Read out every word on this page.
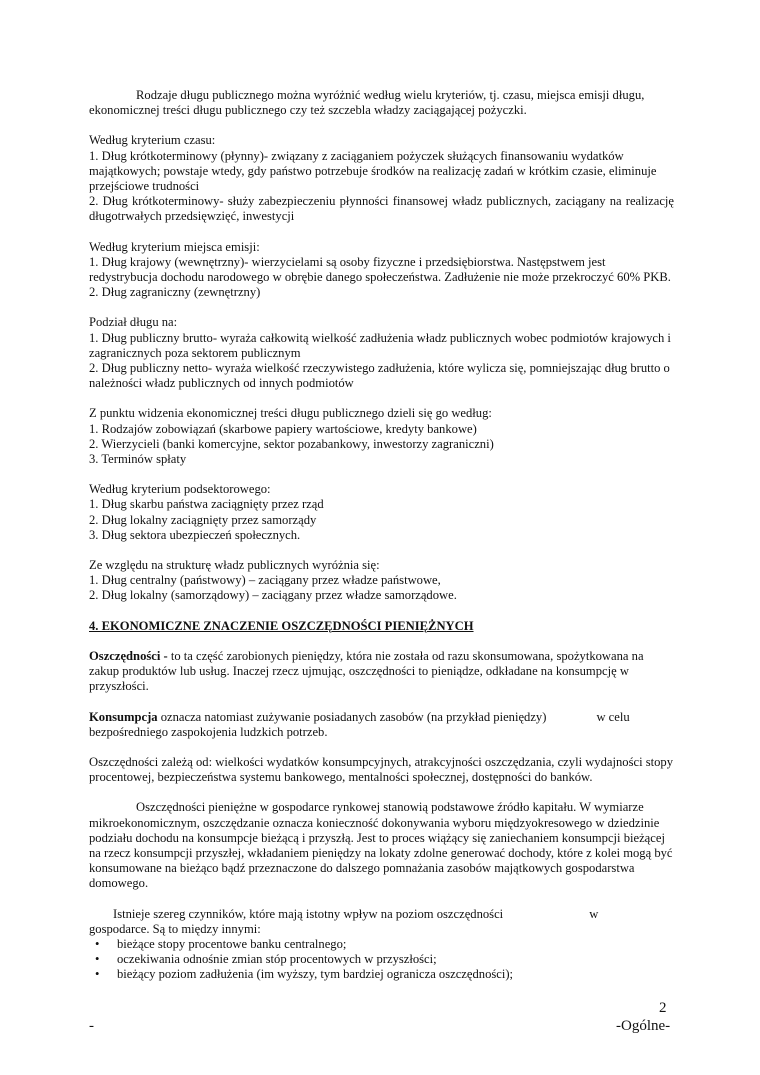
Rodzaje długu publicznego można wyróżnić według wielu kryteriów, tj. czasu, miejsca emisji długu, ekonomicznej treści długu publicznego czy też szczebla władzy zaciągającej pożyczki.

Według kryterium czasu:

1. Dług krótkoterminowy (płynny)- związany z zaciąganiem pożyczek służących finansowaniu wydatków majątkowych; powstaje wtedy, gdy państwo potrzebuje środków na realizację zadań w krótkim czasie, eliminuje przejściowe trudności

2. Dług krótkoterminowy- służy zabezpieczeniu płynności finansowej władz publicznych, zaciągany na realizację długotrwałych przedsięwzięć, inwestycji

Według kryterium miejsca emisji:

1. Dług krajowy (wewnętrzny)- wierzycielami są osoby fizyczne i przedsiębiorstwa. Następstwem jest redystrybucja dochodu narodowego w obrębie danego społeczeństwa. Zadłużenie nie może przekroczyć 60% PKB.

2. Dług zagraniczny (zewnętrzny)

Podział długu na:

1. Dług publiczny brutto- wyraża całkowitą wielkość zadłużenia władz publicznych wobec podmiotów krajowych i zagranicznych poza sektorem publicznym

2. Dług publiczny netto- wyraża wielkość rzeczywistego zadłużenia, które wylicza się, pomniejszając dług brutto o należności władz publicznych od innych podmiotów

Z punktu widzenia ekonomicznej treści długu publicznego dzieli się go według:

1. Rodzajów zobowiązań (skarbowe papiery wartościowe, kredyty bankowe)

2. Wierzycieli (banki komercyjne, sektor pozabankowy, inwestorzy zagraniczni)

3. Terminów spłaty

Według kryterium podsektorowego:

1. Dług skarbu państwa zaciągnięty przez rząd

2. Dług lokalny zaciągnięty przez samorządy

3. Dług sektora ubezpieczeń społecznych.

Ze względu na strukturę władz publicznych wyróżnia się:

1. Dług centralny (państwowy) – zaciągany przez władze państwowe,

2. Dług lokalny (samorządowy) – zaciągany przez władze samorządowe.

4. EKONOMICZNE ZNACZENIE OSZCZĘDNOŚCI PIENIĘŻNYCH

Oszczędności - to ta część zarobionych pieniędzy, która nie została od razu skonsumowana, spożytkowana na zakup produktów lub usług. Inaczej rzecz ujmując, oszczędności to pieniądze, odkładane na konsumpcję w przyszłości.

Konsumpcja oznacza natomiast zużywanie posiadanych zasobów (na przykład pieniędzy)	w celu
bezpośredniego zaspokojenia ludzkich potrzeb.

Oszczędności zależą od: wielkości wydatków konsumpcyjnych, atrakcyjności oszczędzania, czyli wydajności stopy procentowej, bezpieczeństwa systemu bankowego, mentalności społecznej, dostępności do banków.

Oszczędności pieniężne w gospodarce rynkowej stanowią podstawowe źródło kapitału. W wymiarze mikroekonomicznym, oszczędzanie oznacza konieczność dokonywania wyboru międzyokresowego w dziedzinie podziału dochodu na konsumpcje bieżącą i przyszłą. Jest to proces wiążący się zaniechaniem konsumpcji bieżącej na rzecz konsumpcji przyszłej, wkładaniem pieniędzy na lokaty zdolne generować dochody, które z kolei mogą być konsumowane na bieżąco bądź przeznaczone do dalszego pomnażania zasobów majątkowych gospodarstwa domowego.

Istnieje szereg czynników, które mają istotny wpływ na poziom oszczędności	w
gospodarce. Są to między innymi:

• bieżące stopy procentowe banku centralnego;
• oczekiwania odnośnie zmian stóp procentowych w przyszłości;
• bieżący poziom zadłużenia (im wyższy, tym bardziej ogranicza oszczędności);
2
-	-Ogólne-
